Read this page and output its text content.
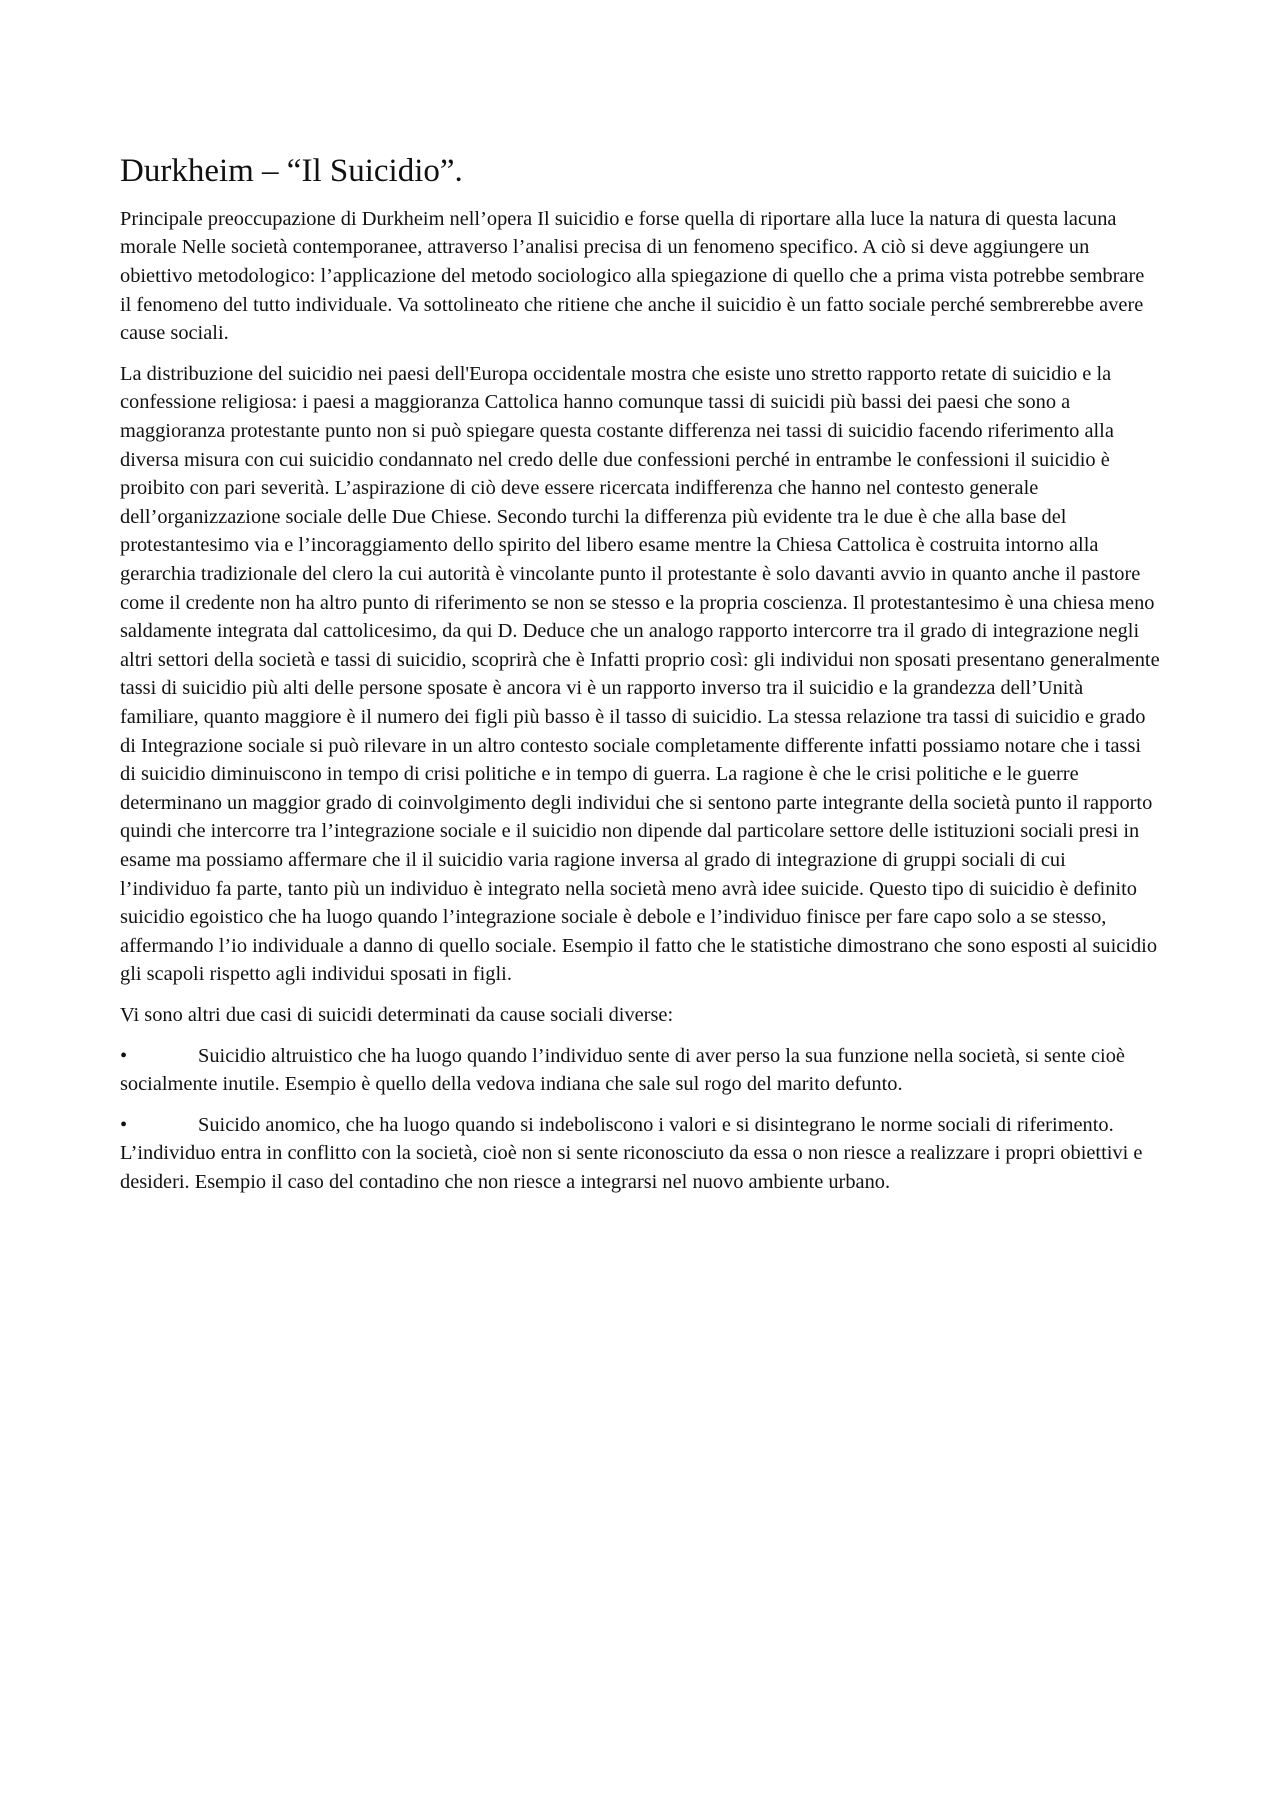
Durkheim – “Il Suicidio”.

Principale preoccupazione di Durkheim nell’opera Il suicidio e forse quella di riportare alla luce la natura di questa lacuna morale Nelle società contemporanee, attraverso l’analisi precisa di un fenomeno specifico. A ciò si deve aggiungere un obiettivo metodologico: l’applicazione del metodo sociologico alla spiegazione di quello che a prima vista potrebbe sembrare il fenomeno del tutto individuale. Va sottolineato che ritiene che anche il suicidio è un fatto sociale perché sembrerebbe avere cause sociali.

La distribuzione del suicidio nei paesi dell'Europa occidentale mostra che esiste uno stretto rapporto retate di suicidio e la confessione religiosa: i paesi a maggioranza Cattolica hanno comunque tassi di suicidi più bassi dei paesi che sono a maggioranza protestante punto non si può spiegare questa costante differenza nei tassi di suicidio facendo riferimento alla diversa misura con cui suicidio condannato nel credo delle due confessioni perché in entrambe le confessioni il suicidio è proibito con pari severità. L’aspirazione di ciò deve essere ricercata indifferenza che hanno nel contesto generale dell’organizzazione sociale delle Due Chiese. Secondo turchi la differenza più evidente tra le due è che alla base del protestantesimo via e l’incoraggiamento dello spirito del libero esame mentre la Chiesa Cattolica è costruita intorno alla gerarchia tradizionale del clero la cui autorità è vincolante punto il protestante è solo davanti avvio in quanto anche il pastore come il credente non ha altro punto di riferimento se non se stesso e la propria coscienza. Il protestantesimo è una chiesa meno saldamente integrata dal cattolicesimo, da qui D. Deduce che un analogo rapporto intercorre tra il grado di integrazione negli altri settori della società e tassi di suicidio, scoprirà che è Infatti proprio così: gli individui non sposati presentano generalmente tassi di suicidio più alti delle persone sposate è ancora vi è un rapporto inverso tra il suicidio e la grandezza dell’Unità familiare, quanto maggiore è il numero dei figli più basso è il tasso di suicidio. La stessa relazione tra tassi di suicidio e grado di Integrazione sociale si può rilevare in un altro contesto sociale completamente differente infatti possiamo notare che i tassi di suicidio diminuiscono in tempo di crisi politiche e in tempo di guerra. La ragione è che le crisi politiche e le guerre determinano un maggior grado di coinvolgimento degli individui che si sentono parte integrante della società punto il rapporto quindi che intercorre tra l’integrazione sociale e il suicidio non dipende dal particolare settore delle istituzioni sociali presi in esame ma possiamo affermare che il il suicidio varia ragione inversa al grado di integrazione di gruppi sociali di cui l’individuo fa parte, tanto più un individuo è integrato nella società meno avrà idee suicide. Questo tipo di suicidio è definito suicidio egoistico che ha luogo quando l’integrazione sociale è debole e l’individuo finisce per fare capo solo a se stesso, affermando l’io individuale a danno di quello sociale. Esempio il fatto che le statistiche dimostrano che sono esposti al suicidio gli scapoli rispetto agli individui sposati in figli.

Vi sono altri due casi di suicidi determinati da cause sociali diverse:

•	Suicidio altruistico che ha luogo quando l’individuo sente di aver perso la sua funzione nella società, si sente cioè socialmente inutile. Esempio è quello della vedova indiana che sale sul rogo del marito defunto.

•	Suicido anomico, che ha luogo quando si indeboliscono i valori e si disintegrano le norme sociali di riferimento. L’individuo entra in conflitto con la società, cioè non si sente riconosciuto da essa o non riesce a realizzare i propri obiettivi e desideri. Esempio il caso del contadino che non riesce a integrarsi nel nuovo ambiente urbano.
